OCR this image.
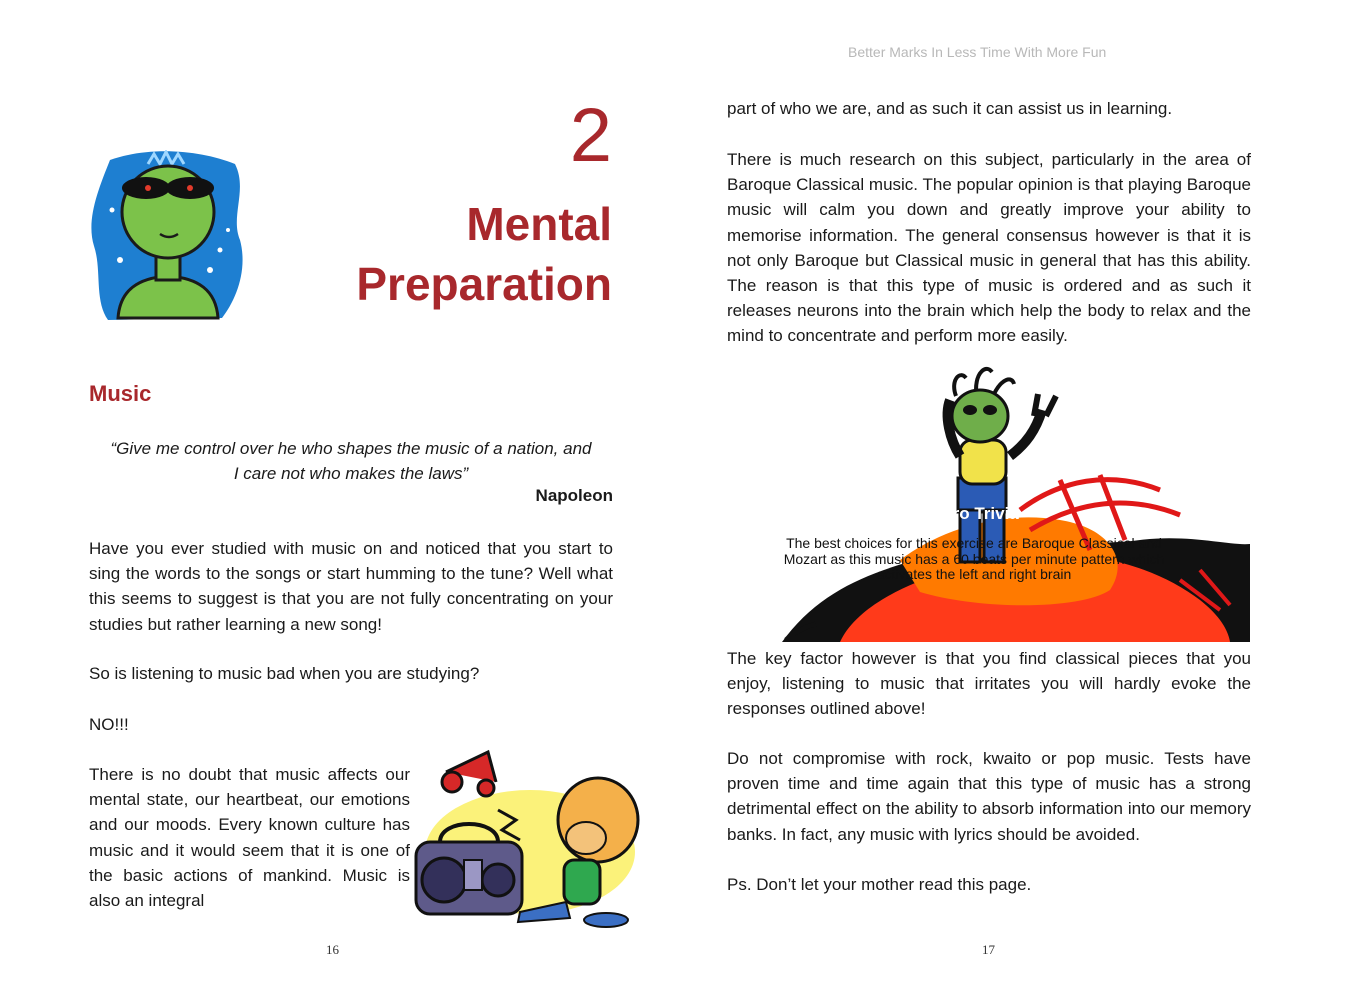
Better Marks In Less Time With More Fun
2
Mental
Preparation
Music
“Give me control over he who shapes the music of a nation, and
I care not who makes the laws”
Napoleon
Have you ever studied with music on and noticed that you start to sing the words to the songs or start humming to the tune? Well what this seems to suggest is that you are not fully concentrating on your studies but rather learning a new song!
So is listening to music bad when you are studying?
NO!!!
There is no doubt that music affects our mental state, our heartbeat, our emotions and our moods. Every known culture has music and it would seem that it is one of the basic actions of mankind. Music is also an integral
16
part of who we are, and as such it can assist us in learning.
There is much research on this subject, particularly in the area of Baroque Classical music. The popular opinion is that playing Baroque music will calm you down and greatly improve your ability to memorise information. The general consensus however is that it is not only Baroque but Classical music in general that has this ability. The reason is that this type of music is ordered and as such it releases neurons into the brain which help the body to relax and the mind to concentrate and perform more easily.
Astro Trivia
The best choices for this exercise are Baroque Classical and Mozart as this music has a 60 beats per minute pattern which activates the left and right brain
The key factor however is that you find classical pieces that you enjoy, listening to music that irritates you will hardly evoke the responses outlined above!
Do not compromise with rock, kwaito or pop music. Tests have proven time and time again that this type of music has a strong detrimental effect on the ability to absorb information into our memory banks. In fact, any music with lyrics should be avoided.
Ps. Don’t let your mother read this page.
17
